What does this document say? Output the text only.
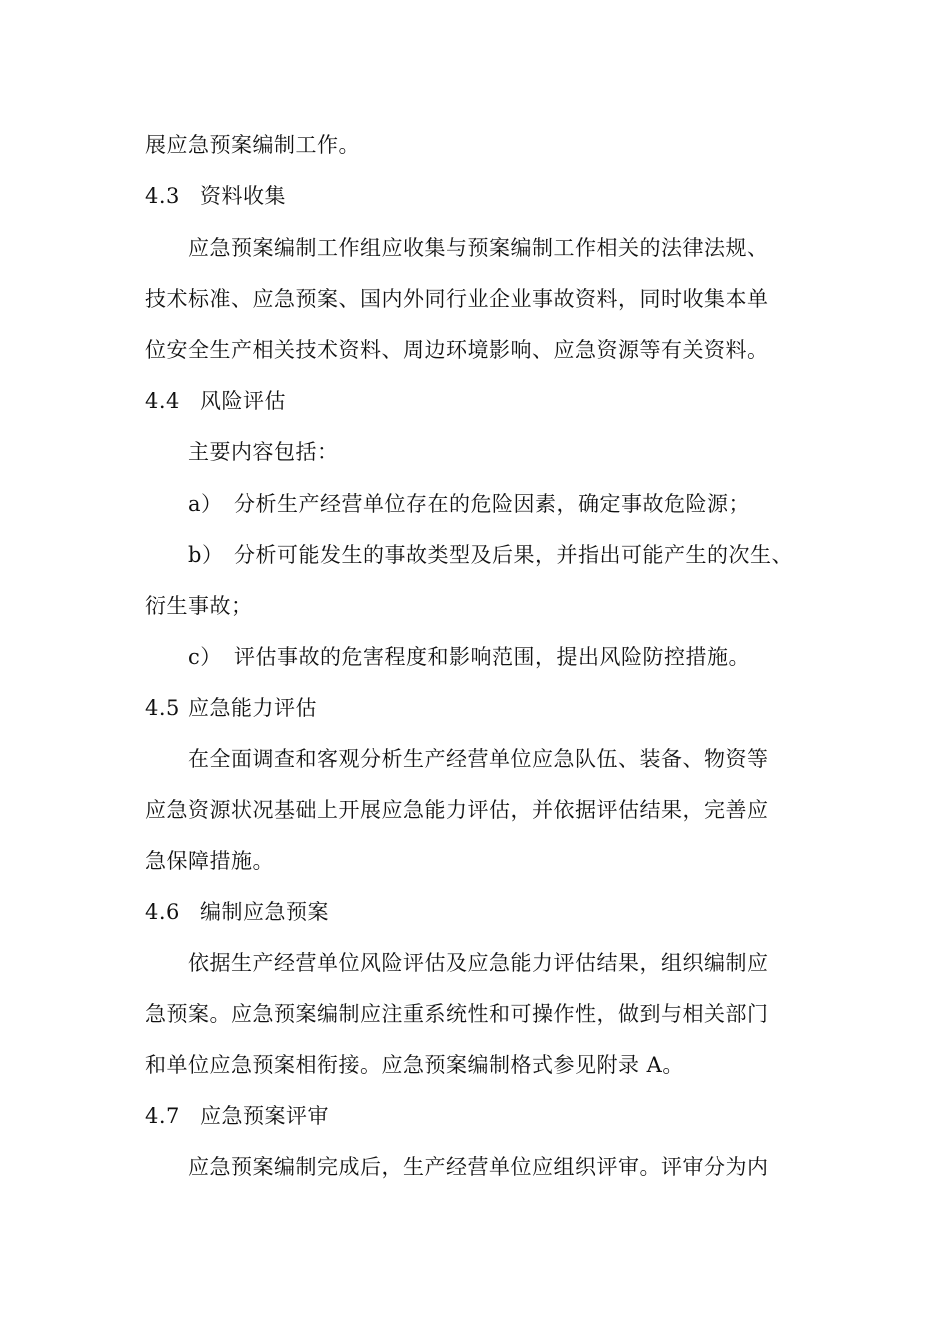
展应急预案编制工作。
4.3 资料收集
应急预案编制工作组应收集与预案编制工作相关的法律法规、
技术标准、应急预案、国内外同行业企业事故资料，同时收集本单
位安全生产相关技术资料、周边环境影响、应急资源等有关资料。
4.4 风险评估
主要内容包括：
a） 分析生产经营单位存在的危险因素，确定事故危险源；
b） 分析可能发生的事故类型及后果，并指出可能产生的次生、
衍生事故；
c） 评估事故的危害程度和影响范围，提出风险防控措施。
4.5 应急能力评估
在全面调查和客观分析生产经营单位应急队伍、装备、物资等
应急资源状况基础上开展应急能力评估，并依据评估结果，完善应
急保障措施。
4.6 编制应急预案
依据生产经营单位风险评估及应急能力评估结果，组织编制应
急预案。应急预案编制应注重系统性和可操作性，做到与相关部门
和单位应急预案相衔接。应急预案编制格式参见附录 A。
4.7 应急预案评审
应急预案编制完成后，生产经营单位应组织评审。评审分为内
